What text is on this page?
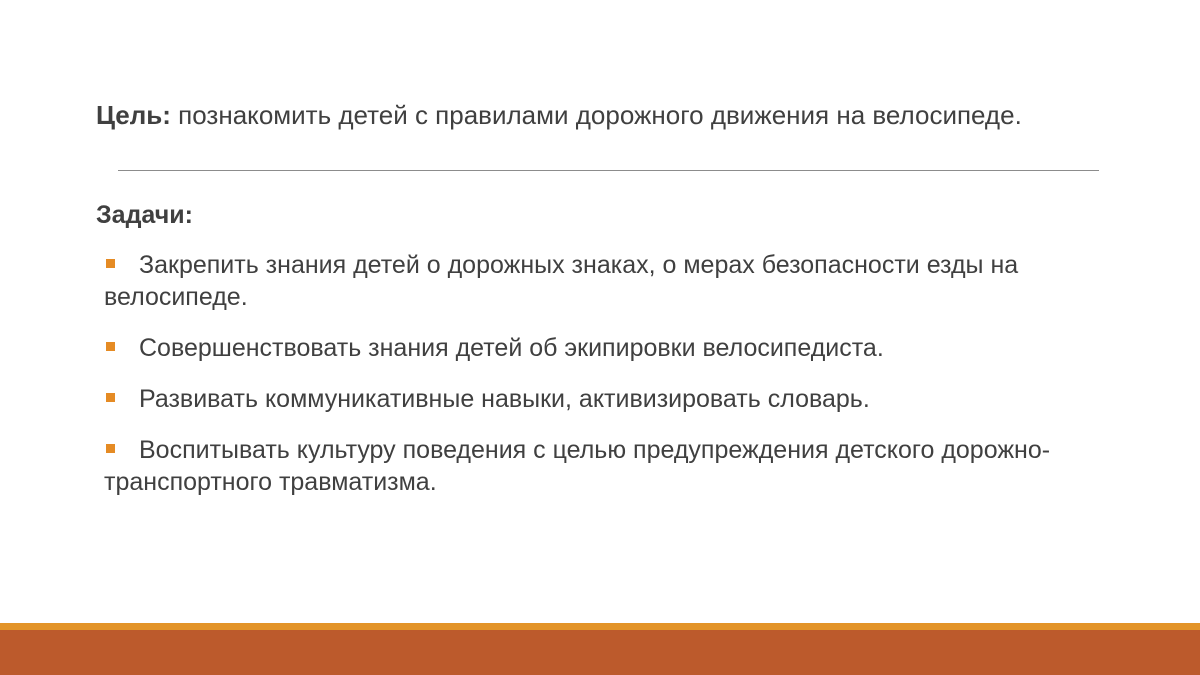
Цель: познакомить детей с правилами дорожного движения на велосипеде.

Задачи:
Закрепить знания детей о дорожных знаках, о мерах безопасности езды на велосипеде.
Совершенствовать знания детей об экипировки велосипедиста.
Развивать коммуникативные навыки, активизировать словарь.
Воспитывать культуру поведения с целью предупреждения детского дорожно-транспортного травматизма.
